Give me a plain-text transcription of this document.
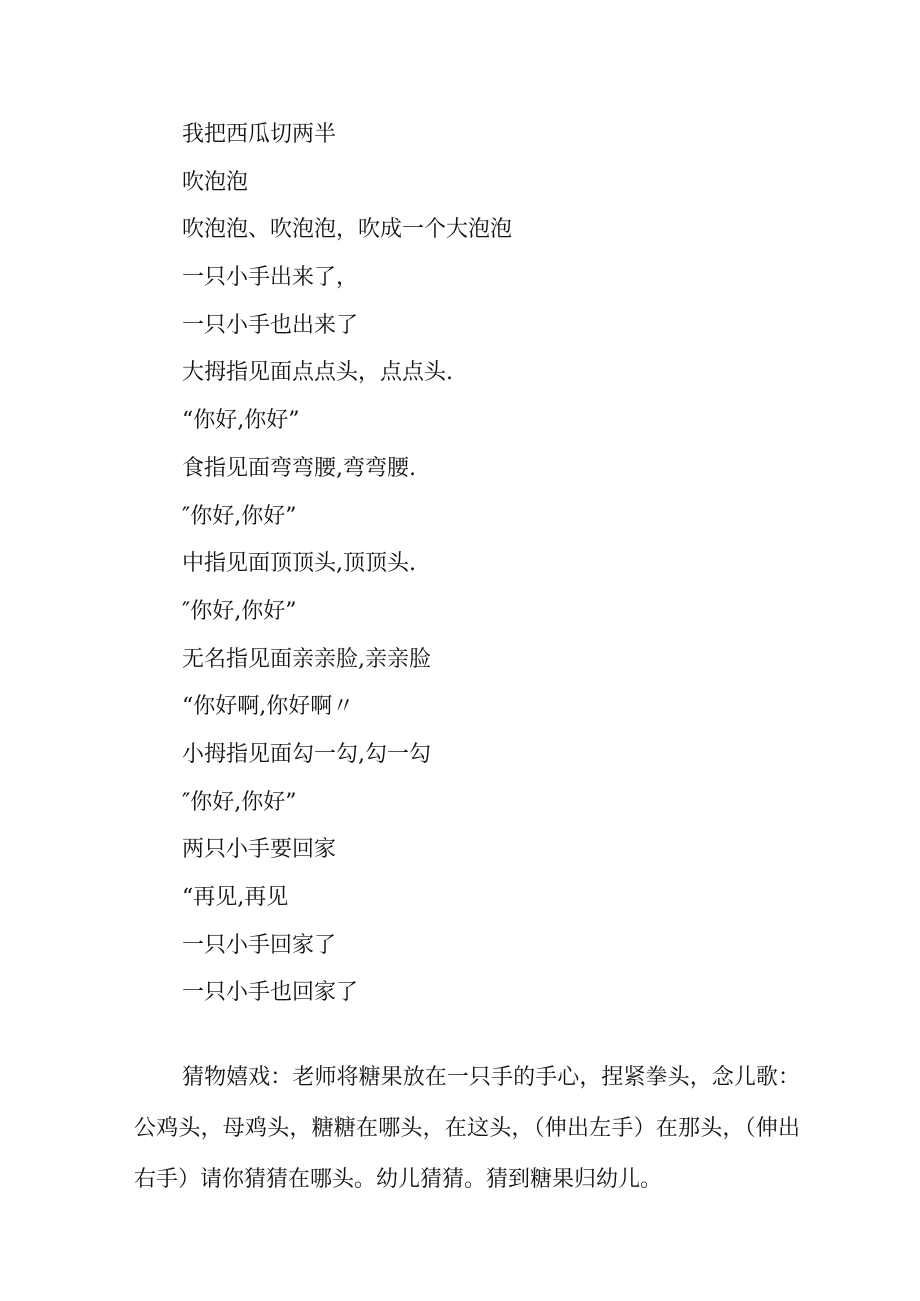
我把西瓜切两半
吹泡泡
吹泡泡、吹泡泡，吹成一个大泡泡
一只小手出来了，
一只小手也出来了
大拇指见面点点头，点点头.
“你好,你好”
食指见面弯弯腰,弯弯腰.
″你好,你好”
中指见面顶顶头,顶顶头.
″你好,你好”
无名指见面亲亲脸,亲亲脸
“你好啊,你好啊〃
小拇指见面勾一勾,勾一勾
″你好,你好”
两只小手要回家
“再见,再见
一只小手回家了
一只小手也回家了

猜物嬉戏：老师将糖果放在一只手的手心，捏紧拳头，念儿歌：公鸡头，母鸡头，糖糖在哪头，在这头，（伸出左手）在那头，（伸出右手）请你猜猜在哪头。幼儿猜猜。猜到糖果归幼儿。
